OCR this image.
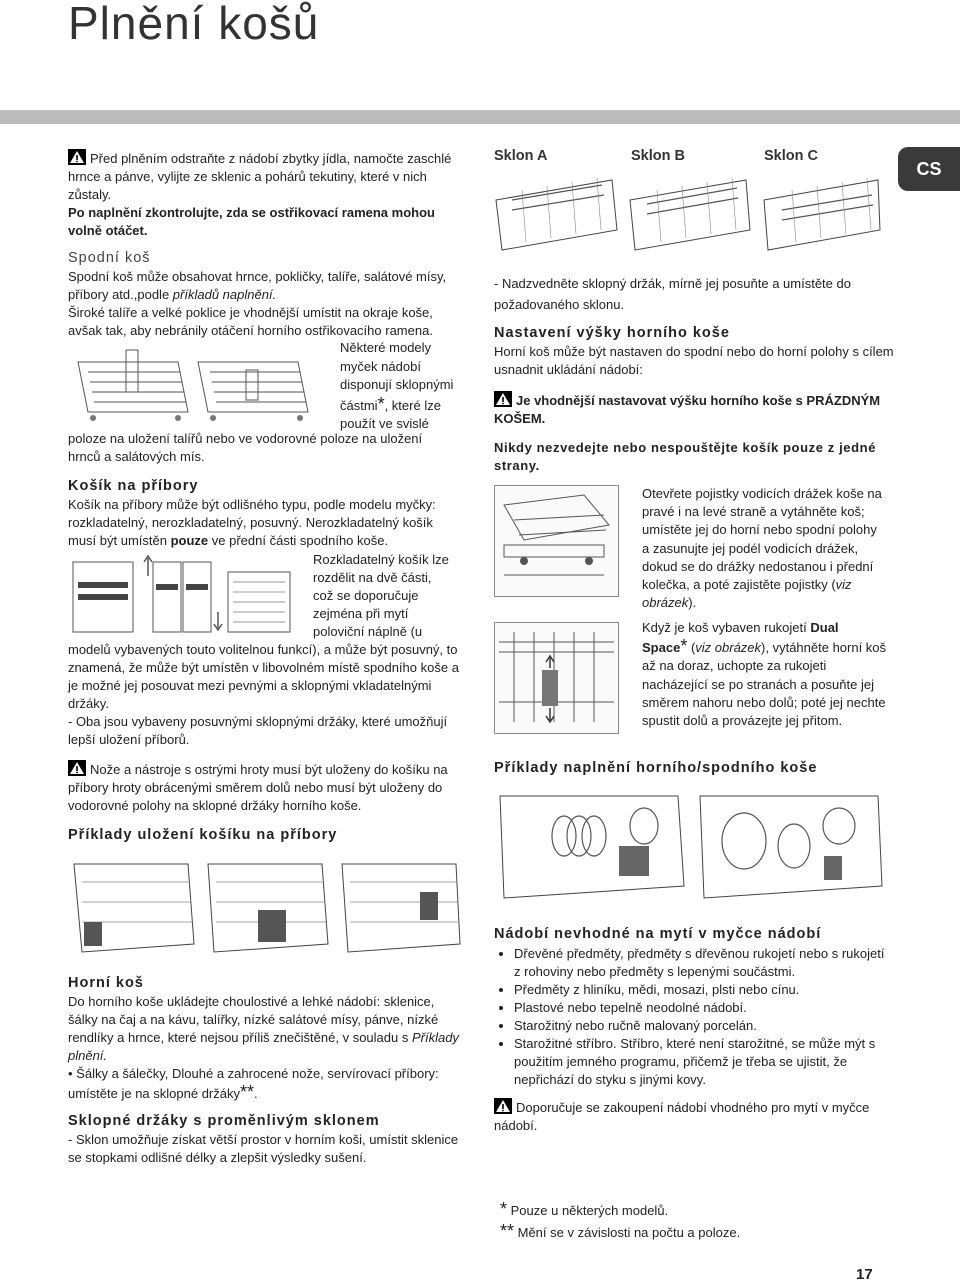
Plnění košů
CS
Před plněním odstraňte z nádobí zbytky jídla, namočte zaschlé hrnce a pánve, vylijte ze sklenic a pohárů tekutiny, které v nich zůstaly.
Po naplnění zkontrolujte, zda se ostřikovací ramena mohou volně otáčet.
Spodní koš
Spodní koš může obsahovat hrnce, pokličky, talíře, salátové mísy, příbory atd.,podle příkladů naplnění.
Široké talíře a velké poklice je vhodnější umístit na okraje koše, avšak tak, aby nebránily otáčení horního ostřikovacího ramena.
Některé modely
myček nádobí
disponují sklopnými
částmi*, které lze
použít ve svislé
poloze na uložení talířů nebo ve vodorovné poloze na uložení hrnců a salátových mís.
Košík na příbory
Košík na příbory může být odlišného typu, podle modelu myčky: rozkladatelný, nerozkladatelný, posuvný. Nerozkladatelný košík musí být umístěn pouze ve přední části spodního koše.
Rozkladatelný košík lze
rozdělit na dvě části,
což se doporučuje
zejména při mytí
poloviční náplně (u
modelů vybavených touto volitelnou funkcí), a může být posuvný, to znamená, že může být umístěn v libovolném místě spodního koše a je možné jej posouvat mezi pevnými a sklopnými vkladatelnými držáky.
- Oba jsou vybaveny posuvnými sklopnými držáky, které umožňují lepší uložení příborů.
Nože a nástroje s ostrými hroty musí být uloženy do košíku na příbory hroty obrácenými směrem dolů nebo musí být uloženy do vodorovné polohy na sklopné držáky horního koše.
Příklady uložení košíku na příbory
Horní koš
Do horního koše ukládejte choulostivé a lehké nádobí: sklenice, šálky na čaj a na kávu, talířky, nízké salátové mísy, pánve, nízké rendlíky a hrnce, které nejsou příliš znečištěné, v souladu s Příklady plnění.
• Šálky a šálečky, Dlouhé a zahrocené nože, servírovací příbory: umístěte je na sklopné držáky**.
Sklopné držáky s proměnlivým sklonem
- Sklon umožňuje získat větší prostor v horním koši, umístit sklenice se stopkami odlišné délky a zlepšit výsledky sušení.
Sklon A	Sklon B	Sklon C
- Nadzvedněte sklopný držák, mírně jej posuňte a umístěte do požadovaného sklonu.
Nastavení výšky horního koše
Horní koš může být nastaven do spodní nebo do horní polohy s cílem usnadnit ukládání nádobí:
Je vhodnější nastavovat výšku horního koše s PRÁZDNÝM KOŠEM.
Nikdy nezvedejte nebo nespouštějte košík pouze z jedné strany.
Otevřete pojistky vodicích drážek koše na pravé i na levé straně a vytáhněte koš; umístěte jej do horní nebo spodní polohy a zasunujte jej podél vodicích drážek, dokud se do drážky nedostanou i přední kolečka, a poté zajistěte pojistky (viz obrázek).
Když je koš vybaven rukojetí Dual Space* (viz obrázek), vytáhněte horní koš až na doraz, uchopte za rukojeti nacházející se po stranách a posuňte jej směrem nahoru nebo dolů; poté jej nechte spustit dolů a provázejte jej přitom.
Příklady naplnění horního/spodního koše
Nádobí nevhodné na mytí v myčce nádobí
• Dřevěné předměty, předměty s dřevěnou rukojetí nebo s rukojetí z rohoviny nebo předměty s lepenými součástmi.
• Předměty z hliníku, mědi, mosazi, plsti nebo cínu.
• Plastové nebo tepelně neodolné nádobí.
• Starožitný nebo ručně malovaný porcelán.
• Starožitné stříbro. Stříbro, které není starožitné, se může mýt s použitím jemného programu, přičemž je třeba se ujistit, že nepřichází do styku s jinými kovy.
Doporučuje se zakoupení nádobí vhodného pro mytí v myčce nádobí.
* Pouze u některých modelů.
** Mění se v závislosti na počtu a poloze.
17
